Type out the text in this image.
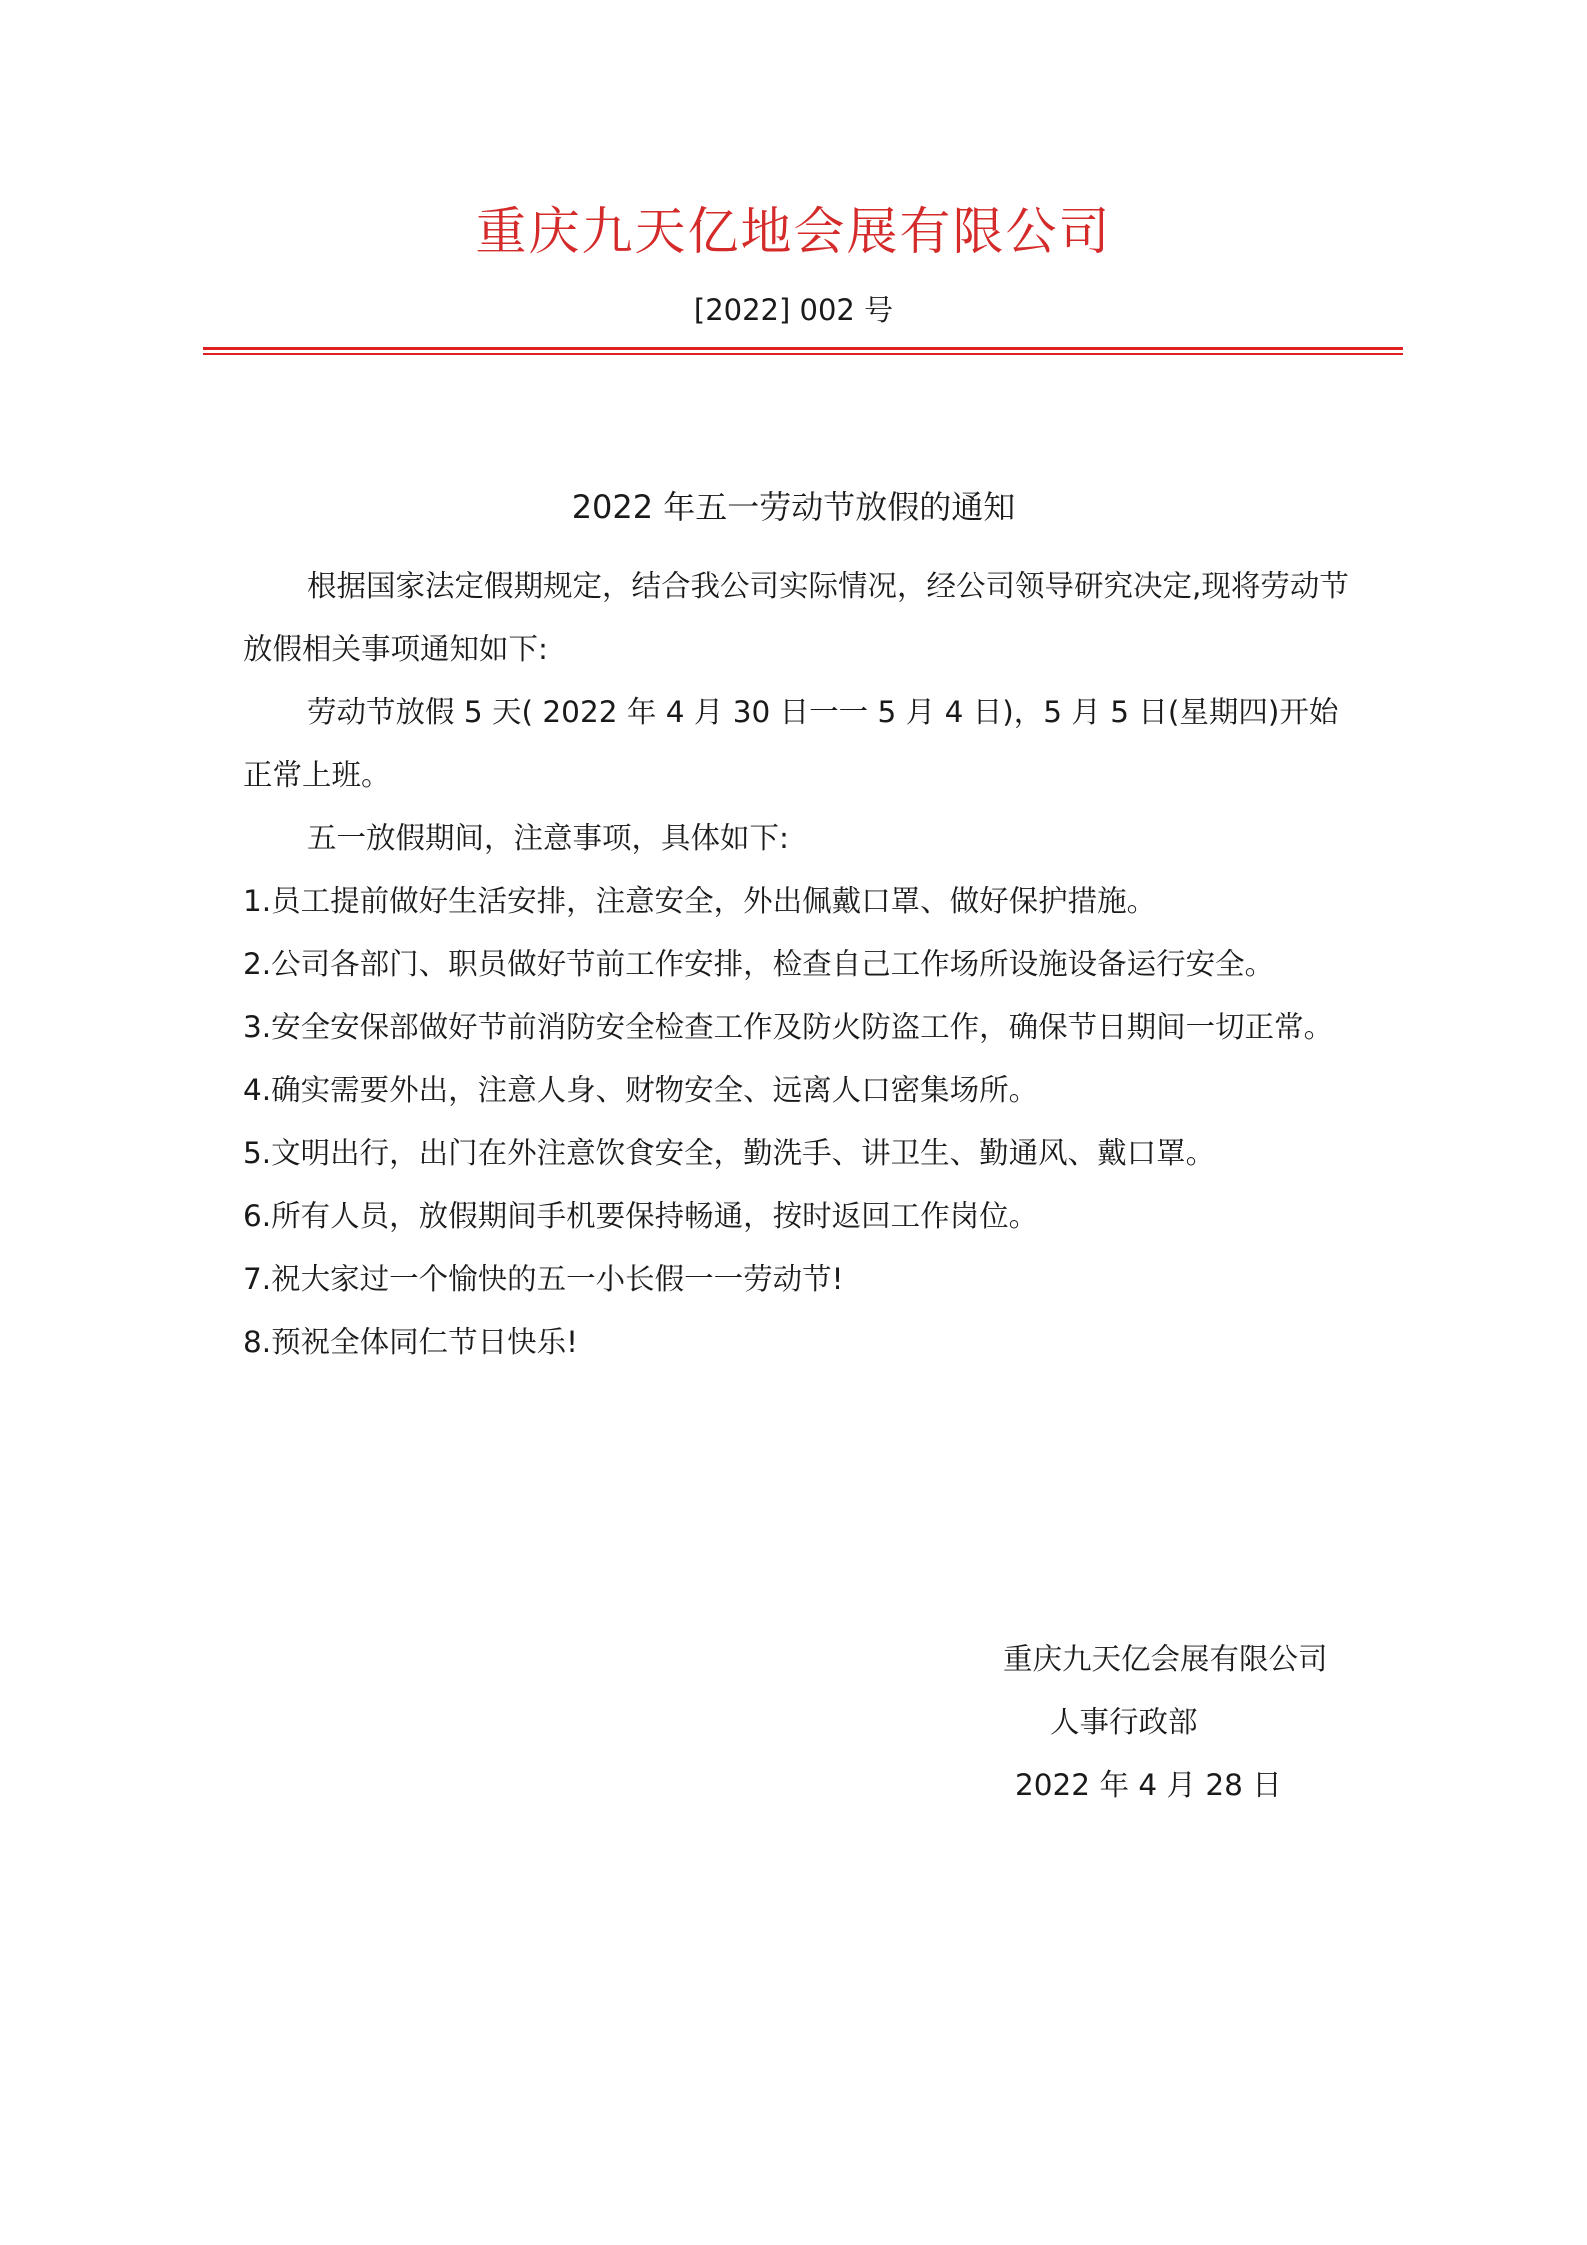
重庆九天亿地会展有限公司
[2022] 002 号
2022 年五一劳动节放假的通知

根据国家法定假期规定，结合我公司实际情况，经公司领导研究决定,现将劳动节放假相关事项通知如下:

劳动节放假 5 天( 2022 年 4 月 30 日一一 5 月 4 日)，5 月 5 日(星期四)开始正常上班。

五一放假期间，注意事项，具体如下:

1.员工提前做好生活安排，注意安全，外出佩戴口罩、做好保护措施。

2.公司各部门、职员做好节前工作安排，检查自己工作场所设施设备运行安全。

3.安全安保部做好节前消防安全检查工作及防火防盗工作，确保节日期间一切正常。

4.确实需要外出，注意人身、财物安全、远离人口密集场所。

5.文明出行，出门在外注意饮食安全，勤洗手、讲卫生、勤通风、戴口罩。

6.所有人员，放假期间手机要保持畅通，按时返回工作岗位。

7.祝大家过一个愉快的五一小长假一一劳动节!

8.预祝全体同仁节日快乐!

重庆九天亿会展有限公司
人事行政部
2022 年 4 月 28 日
